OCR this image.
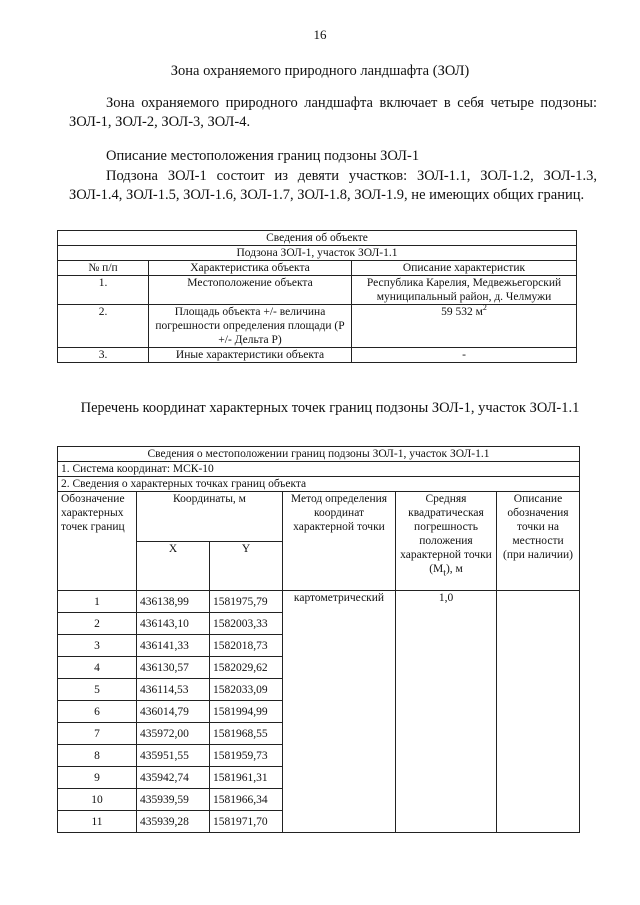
16
Зона охраняемого природного ландшафта (ЗОЛ)

Зона охраняемого природного ландшафта включает в себя четыре подзоны: ЗОЛ-1, ЗОЛ-2, ЗОЛ-3, ЗОЛ-4.

Описание местоположения границ подзоны ЗОЛ-1

Подзона ЗОЛ-1 состоит из девяти участков: ЗОЛ-1.1, ЗОЛ-1.2, ЗОЛ-1.3, ЗОЛ-1.4, ЗОЛ-1.5, ЗОЛ-1.6, ЗОЛ-1.7, ЗОЛ-1.8, ЗОЛ-1.9, не имеющих общих границ.

Сведения об объекте		
Подзона ЗОЛ-1, участок ЗОЛ-1.1		
№ п/п	Характеристика объекта	Описание характеристик
1.	Местоположение объекта	Республика Карелия, Медвежьегорский муниципальный район, д. Челмужи
2.	Площадь объекта +/- величина погрешности определения площади (Р +/- Дельта Р)	59 532 $м^2$
3.	Иные характеристики объекта	-
Перечень координат характерных точек границ подзоны ЗОЛ-1, участок ЗОЛ-1.1
Сведения о местоположении границ подзоны ЗОЛ-1, участок ЗОЛ-1.1					
1. Система координат: МСК-10					
2. Сведения о характерных точках границ объекта					
Обозначение характерных точек границ	Координаты, м		Метод определения координат характерной точки	Средняя квадратическая погрешность положения характерной точки $(M_t)$, м	Описание обозначения точки на местности (при наличии)
	X	Y			
1	436138,99	1581975,79	картометрический	1,0	
2	436143,10	1582003,33			
3	436141,33	1582018,73			
4	436130,57	1582029,62			
5	436114,53	1582033,09			
6	436014,79	1581994,99			
7	435972,00	1581968,55			
8	435951,55	1581959,73			
9	435942,74	1581961,31			
10	435939,59	1581966,34			
11	435939,28	1581971,70			
